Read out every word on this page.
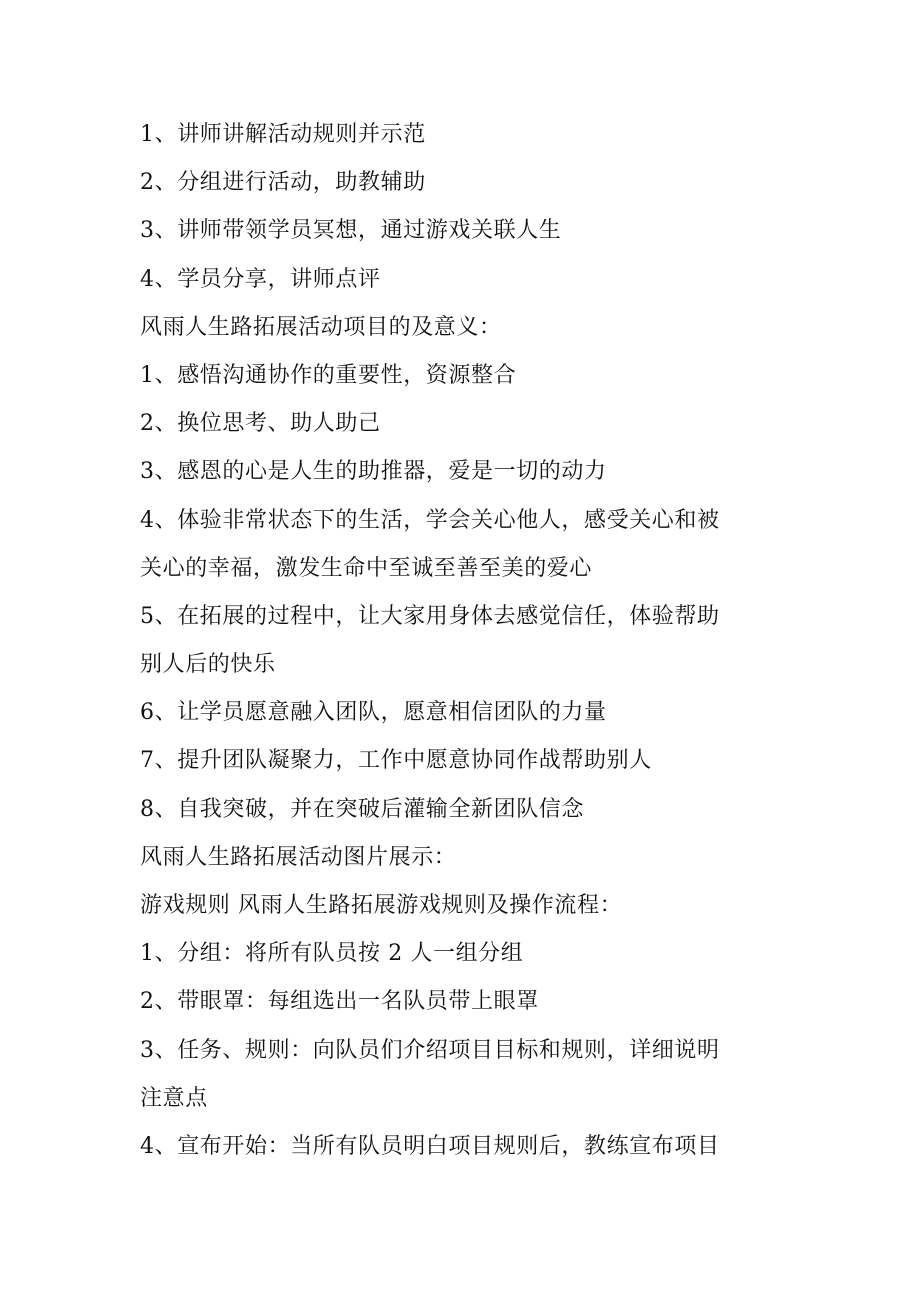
1、讲师讲解活动规则并示范
2、分组进行活动，助教辅助
3、讲师带领学员冥想，通过游戏关联人生
4、学员分享，讲师点评
风雨人生路拓展活动项目的及意义：
1、感悟沟通协作的重要性，资源整合
2、换位思考、助人助己
3、感恩的心是人生的助推器，爱是一切的动力
4、体验非常状态下的生活，学会关心他人，感受关心和被
关心的幸福，激发生命中至诚至善至美的爱心
5、在拓展的过程中，让大家用身体去感觉信任，体验帮助
别人后的快乐
6、让学员愿意融入团队，愿意相信团队的力量
7、提升团队凝聚力，工作中愿意协同作战帮助别人
8、自我突破，并在突破后灌输全新团队信念
风雨人生路拓展活动图片展示：
游戏规则 风雨人生路拓展游戏规则及操作流程：
1、分组：将所有队员按 2 人一组分组
2、带眼罩：每组选出一名队员带上眼罩
3、任务、规则：向队员们介绍项目目标和规则，详细说明
注意点
4、宣布开始：当所有队员明白项目规则后，教练宣布项目
